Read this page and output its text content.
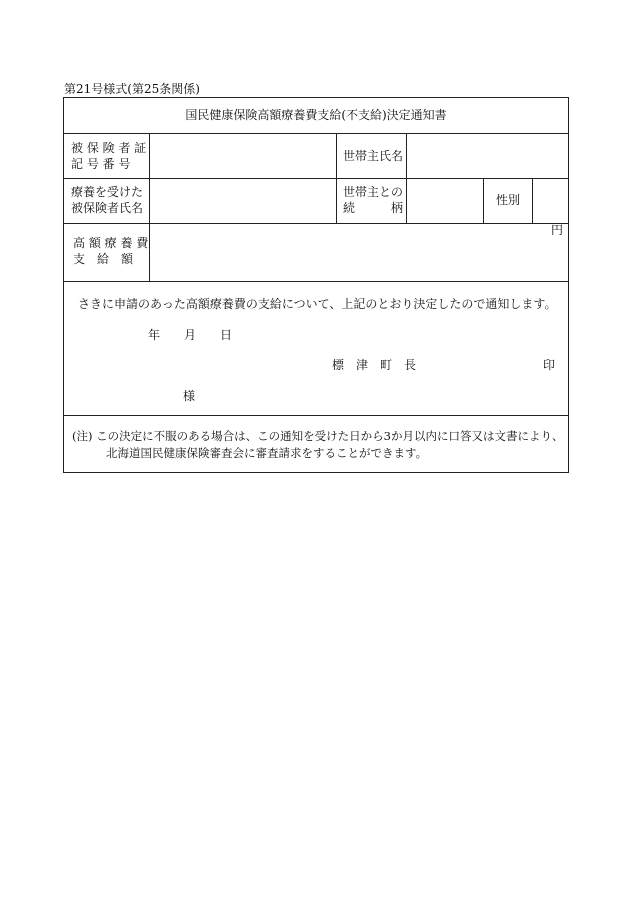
第21号様式(第25条関係)
国民健康保険高額療養費支給(不支給)決定通知書
被 保 険 者 証
記 号 番 号
世帯主氏名
療養を受けた
被保険者氏名
世帯主との
続　　　柄
性別
高 額 療 養 費
支　給　額
円
さきに申請のあった高額療養費の支給について、上記のとおり決定したので通知します。
年　　月　　日
標　津　町　長	印
様
(注) この決定に不服のある場合は、この通知を受けた日から3か月以内に口答又は文書により、
北海道国民健康保険審査会に審査請求をすることができます。
